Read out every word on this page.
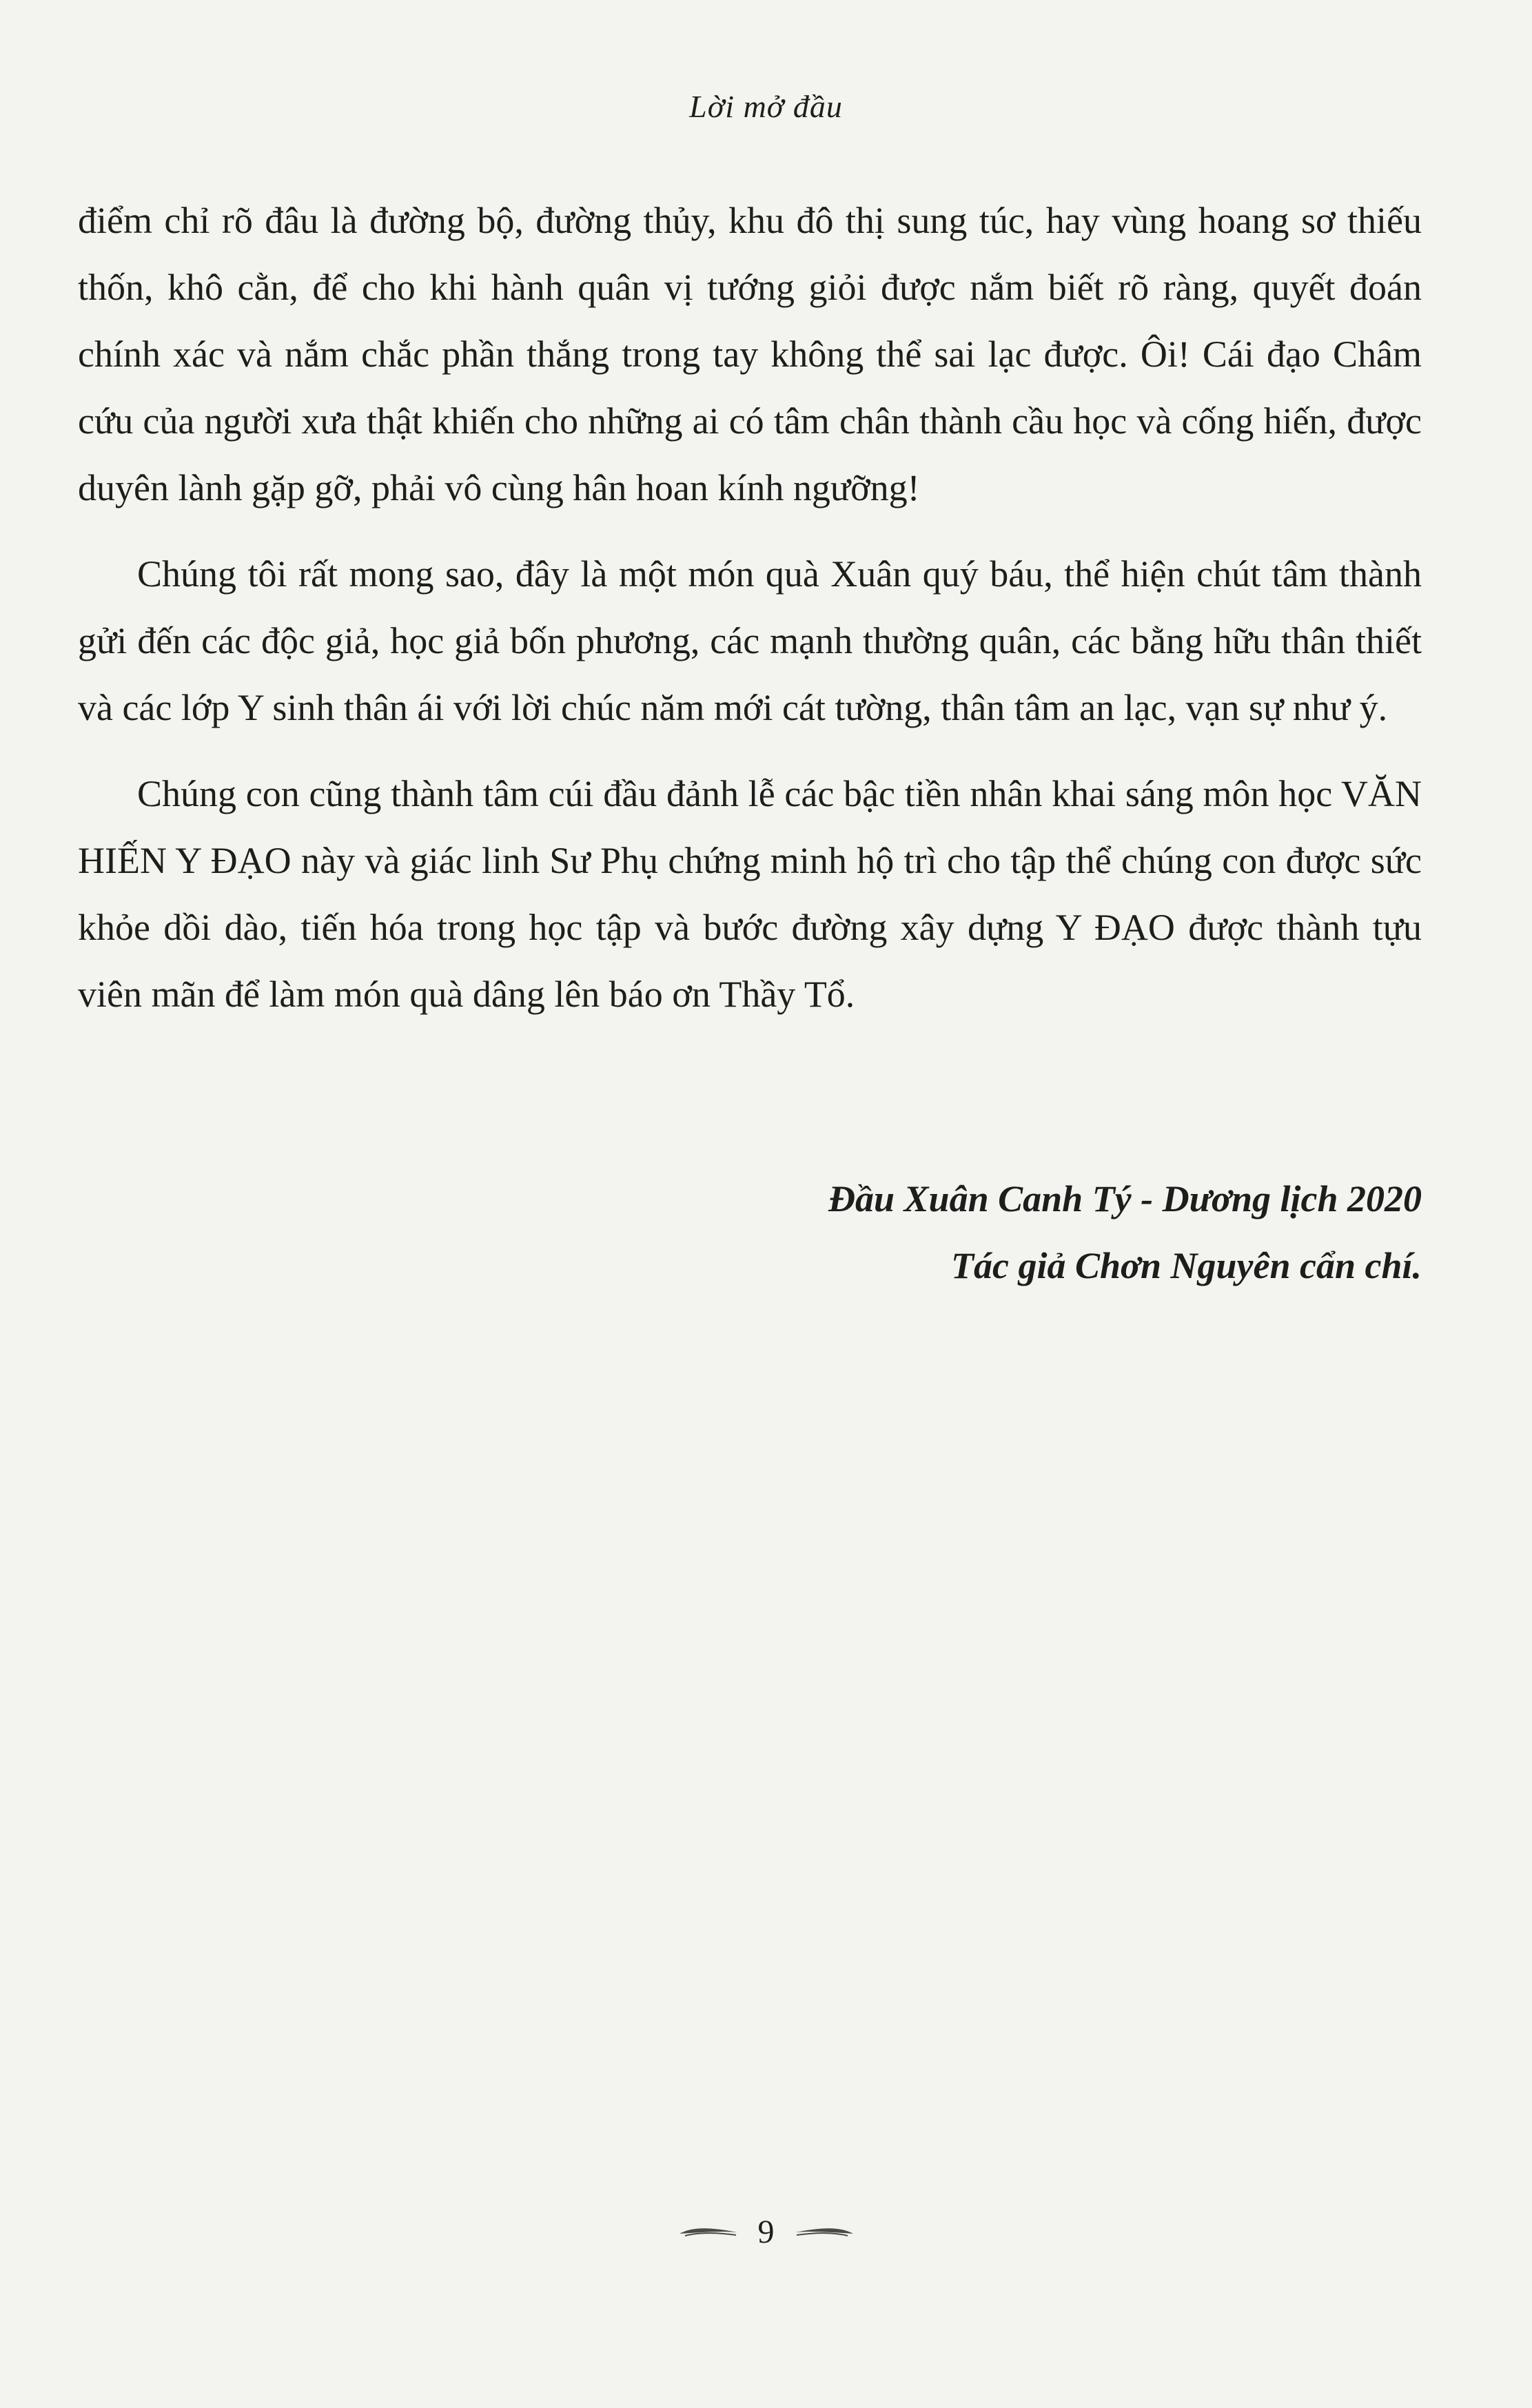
Lời mở đầu

điểm chỉ rõ đâu là đường bộ, đường thủy, khu đô thị sung túc, hay vùng hoang sơ thiếu thốn, khô cằn, để cho khi hành quân vị tướng giỏi được nắm biết rõ ràng, quyết đoán chính xác và nắm chắc phần thắng trong tay không thể sai lạc được. Ôi! Cái đạo Châm cứu của người xưa thật khiến cho những ai có tâm chân thành cầu học và cống hiến, được duyên lành gặp gỡ, phải vô cùng hân hoan kính ngưỡng!

Chúng tôi rất mong sao, đây là một món quà Xuân quý báu, thể hiện chút tâm thành gửi đến các độc giả, học giả bốn phương, các mạnh thường quân, các bằng hữu thân thiết và các lớp Y sinh thân ái với lời chúc năm mới cát tường, thân tâm an lạc, vạn sự như ý.

Chúng con cũng thành tâm cúi đầu đảnh lễ các bậc tiền nhân khai sáng môn học VĂN HIẾN Y ĐẠO này và giác linh Sư Phụ chứng minh hộ trì cho tập thể chúng con được sức khỏe dồi dào, tiến hóa trong học tập và bước đường xây dựng Y ĐẠO được thành tựu viên mãn để làm món quà dâng lên báo ơn Thầy Tổ.

Đầu Xuân Canh Tý - Dương lịch 2020
Tác giả Chơn Nguyên cẩn chí.
9
